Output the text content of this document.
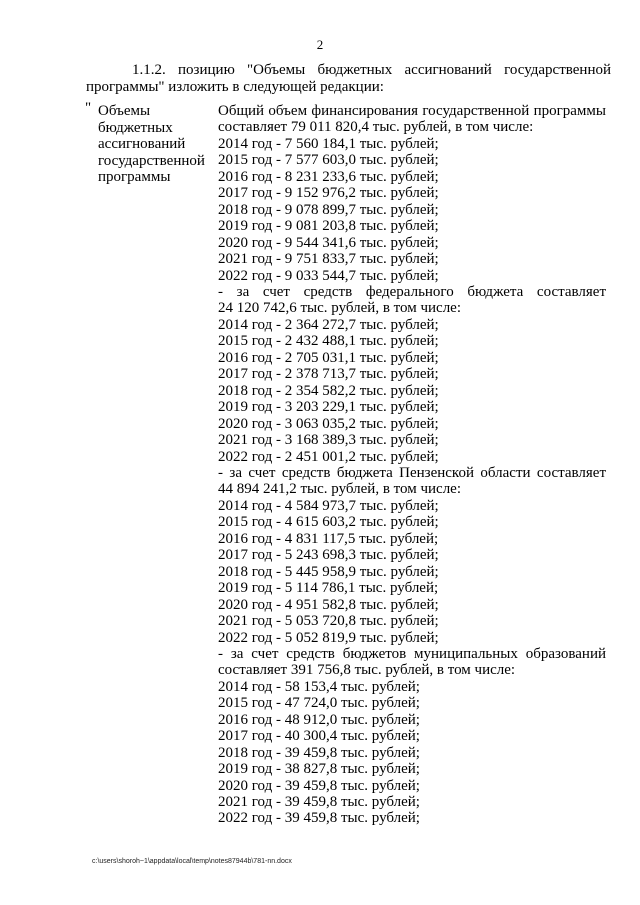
2
1.1.2. позицию "Объемы бюджетных ассигнований государственной
программы" изложить в следующей редакции:
" Объемы
бюджетных
ассигнований
государственной
программы
Общий объем финансирования государственной программы
составляет 79 011 820,4 тыс. рублей, в том числе:
2014 год - 7 560 184,1 тыс. рублей;
2015 год - 7 577 603,0 тыс. рублей;
2016 год - 8 231 233,6 тыс. рублей;
2017 год - 9 152 976,2 тыс. рублей;
2018 год - 9 078 899,7 тыс. рублей;
2019 год - 9 081 203,8 тыс. рублей;
2020 год - 9 544 341,6 тыс. рублей;
2021 год - 9 751 833,7 тыс. рублей;
2022 год - 9 033 544,7 тыс. рублей;
- за счет средств федерального бюджета составляет
24 120 742,6 тыс. рублей, в том числе:
2014 год - 2 364 272,7 тыс. рублей;
2015 год - 2 432 488,1 тыс. рублей;
2016 год - 2 705 031,1 тыс. рублей;
2017 год - 2 378 713,7 тыс. рублей;
2018 год - 2 354 582,2 тыс. рублей;
2019 год - 3 203 229,1 тыс. рублей;
2020 год - 3 063 035,2 тыс. рублей;
2021 год - 3 168 389,3 тыс. рублей;
2022 год - 2 451 001,2 тыс. рублей;
- за счет средств бюджета Пензенской области составляет
44 894 241,2 тыс. рублей, в том числе:
2014 год - 4 584 973,7 тыс. рублей;
2015 год - 4 615 603,2 тыс. рублей;
2016 год - 4 831 117,5 тыс. рублей;
2017 год - 5 243 698,3 тыс. рублей;
2018 год - 5 445 958,9 тыс. рублей;
2019 год - 5 114 786,1 тыс. рублей;
2020 год - 4 951 582,8 тыс. рублей;
2021 год - 5 053 720,8 тыс. рублей;
2022 год - 5 052 819,9 тыс. рублей;
- за счет средств бюджетов муниципальных образований
составляет 391 756,8 тыс. рублей, в том числе:
2014 год - 58 153,4 тыс. рублей;
2015 год - 47 724,0 тыс. рублей;
2016 год - 48 912,0 тыс. рублей;
2017 год - 40 300,4 тыс. рублей;
2018 год - 39 459,8 тыс. рублей;
2019 год - 38 827,8 тыс. рублей;
2020 год - 39 459,8 тыс. рублей;
2021 год - 39 459,8 тыс. рублей;
2022 год - 39 459,8 тыс. рублей;
c:\users\shoroh~1\appdata\local\temp\notes87944b\781-nn.docx
